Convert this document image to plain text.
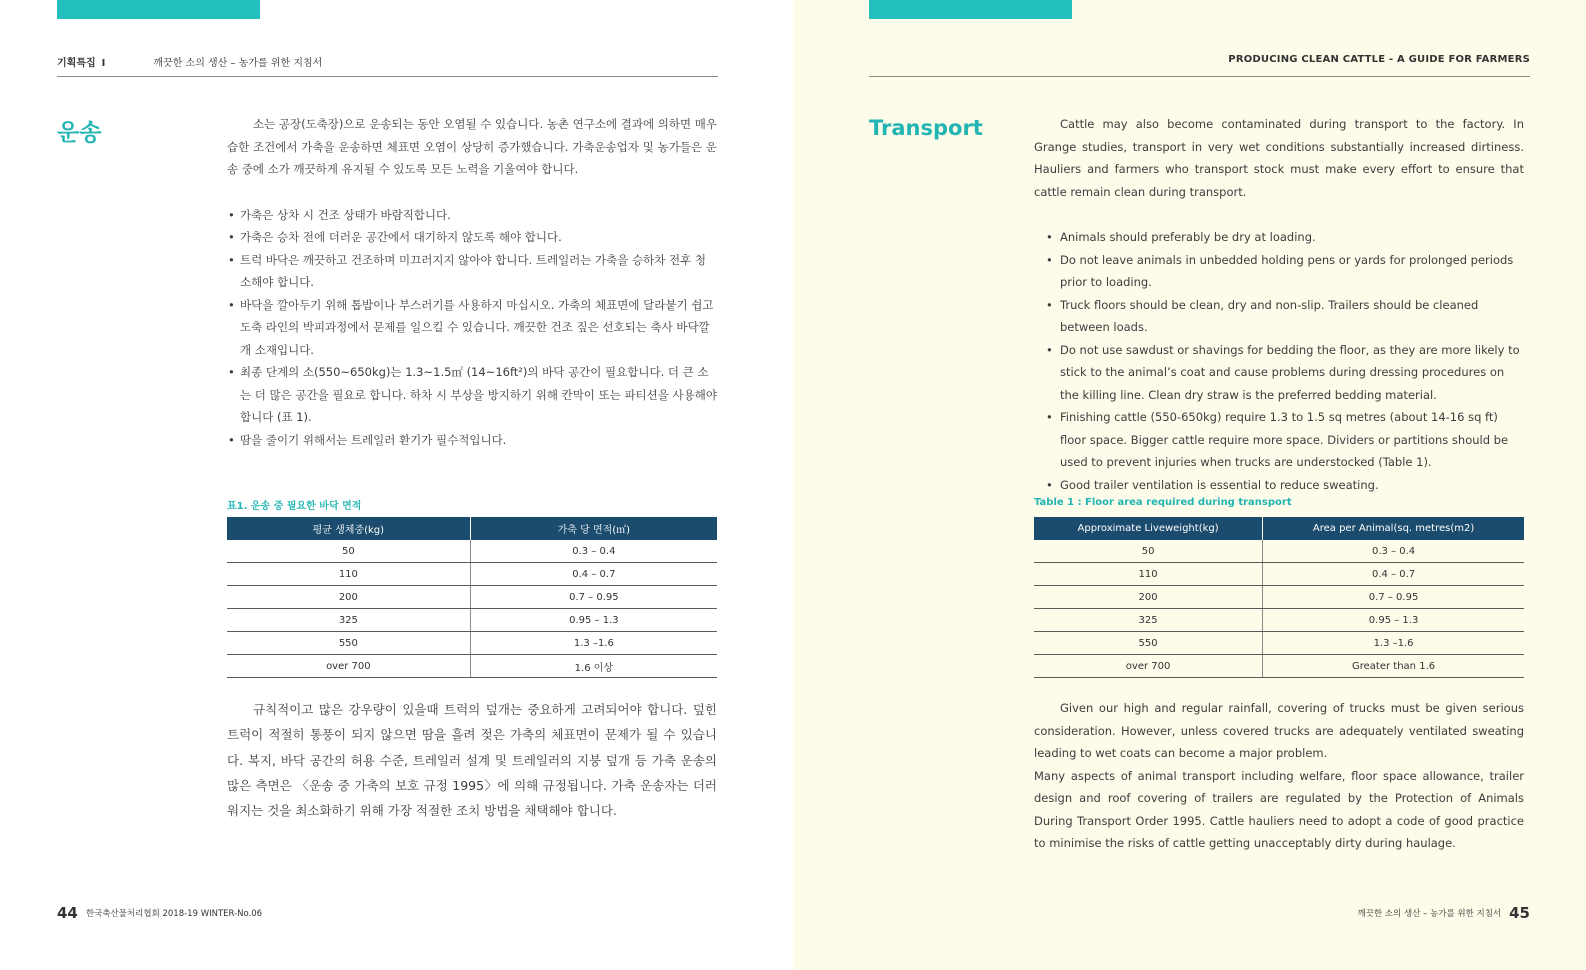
기획특집 I	깨끗한 소의 생산 – 농가를 위한 지침서
운송	소는 공장(도축장)으로 운송되는 동안 오염될 수 있습니다. 농촌 연구소에 결과에 의하면 매우 습한 조건에서 가축을 운송하면 체표면 오염이 상당히 증가했습니다. 가축운송업자 및 농가들은 운송 중에 소가 깨끗하게 유지될 수 있도록 모든 노력을 기울여야 합니다.

• 가축은 상차 시 건조 상태가 바람직합니다.
• 가축은 승차 전에 더러운 공간에서 대기하지 않도록 해야 합니다.
• 트럭 바닥은 깨끗하고 건조하며 미끄러지지 않아야 합니다. 트레일러는 가축을 승하차 전후 청소해야 합니다.
• 바닥을 깔아두기 위해 톱밥이나 부스러기를 사용하지 마십시오. 가축의 체표면에 달라붙기 쉽고 도축 라인의 박피과정에서 문제를 일으킬 수 있습니다. 깨끗한 건조 짚은 선호되는 축사 바닥깔개 소재입니다.
• 최종 단계의 소(550~650kg)는 1.3~1.5㎡ (14~16ft²)의 바닥 공간이 필요합니다. 더 큰 소는 더 많은 공간을 필요로 합니다. 하차 시 부상을 방지하기 위해 칸막이 또는 파티션을 사용해야 합니다 (표 1).
• 땀을 줄이기 위해서는 트레일러 환기가 필수적입니다.
표1. 운송 중 필요한 바닥 면적
평균 생체중(kg)	가축 당 면적(㎡)
50	0.3 – 0.4
110	0.4 – 0.7
200	0.7 – 0.95
325	0.95 – 1.3
550	1.3 –1.6
over 700	1.6 이상

규칙적이고 많은 강우량이 있을때 트럭의 덮개는 중요하게 고려되어야 합니다. 덮힌 트럭이 적절히 통풍이 되지 않으면 땀을 흘려 젖은 가축의 체표면이 문제가 될 수 있습니다. 복지, 바닥 공간의 허용 수준, 트레일러 설계 및 트레일러의 지붕 덮개 등 가축 운송의 많은 측면은 〈운송 중 가축의 보호 규정 1995〉에 의해 규정됩니다. 가축 운송자는 더러워지는 것을 최소화하기 위해 가장 적절한 조치 방법을 채택해야 합니다.

44 한국축산물처리협회 2018-19 WINTER-No.06
PRODUCING CLEAN CATTLE - A GUIDE FOR FARMERS
Transport	Cattle may also become contaminated during transport to the factory. In Grange studies, transport in very wet conditions substantially increased dirtiness. Hauliers and farmers who transport stock must make every effort to ensure that cattle remain clean during transport.

• Animals should preferably be dry at loading.
• Do not leave animals in unbedded holding pens or yards for prolonged periods prior to loading.
• Truck floors should be clean, dry and non-slip. Trailers should be cleaned between loads.
• Do not use sawdust or shavings for bedding the floor, as they are more likely to stick to the animal’s coat and cause problems during dressing procedures on the killing line. Clean dry straw is the preferred bedding material.
• Finishing cattle (550-650kg) require 1.3 to 1.5 sq metres (about 14-16 sq ft) floor space. Bigger cattle require more space. Dividers or partitions should be used to prevent injuries when trucks are understocked (Table 1).
• Good trailer ventilation is essential to reduce sweating.
Table 1 : Floor area required during transport
Approximate Liveweight(kg)	Area per Animal(sq. metres(m2)
50	0.3 – 0.4
110	0.4 – 0.7
200	0.7 – 0.95
325	0.95 – 1.3
550	1.3 –1.6
over 700	Greater than 1.6

Given our high and regular rainfall, covering of trucks must be given serious consideration. However, unless covered trucks are adequately ventilated sweating leading to wet coats can become a major problem.

Many aspects of animal transport including welfare, floor space allowance, trailer design and roof covering of trailers are regulated by the Protection of Animals During Transport Order 1995. Cattle hauliers need to adopt a code of good practice to minimise the risks of cattle getting unacceptably dirty during haulage.

깨끗한 소의 생산 – 농가를 위한 지침서 45
